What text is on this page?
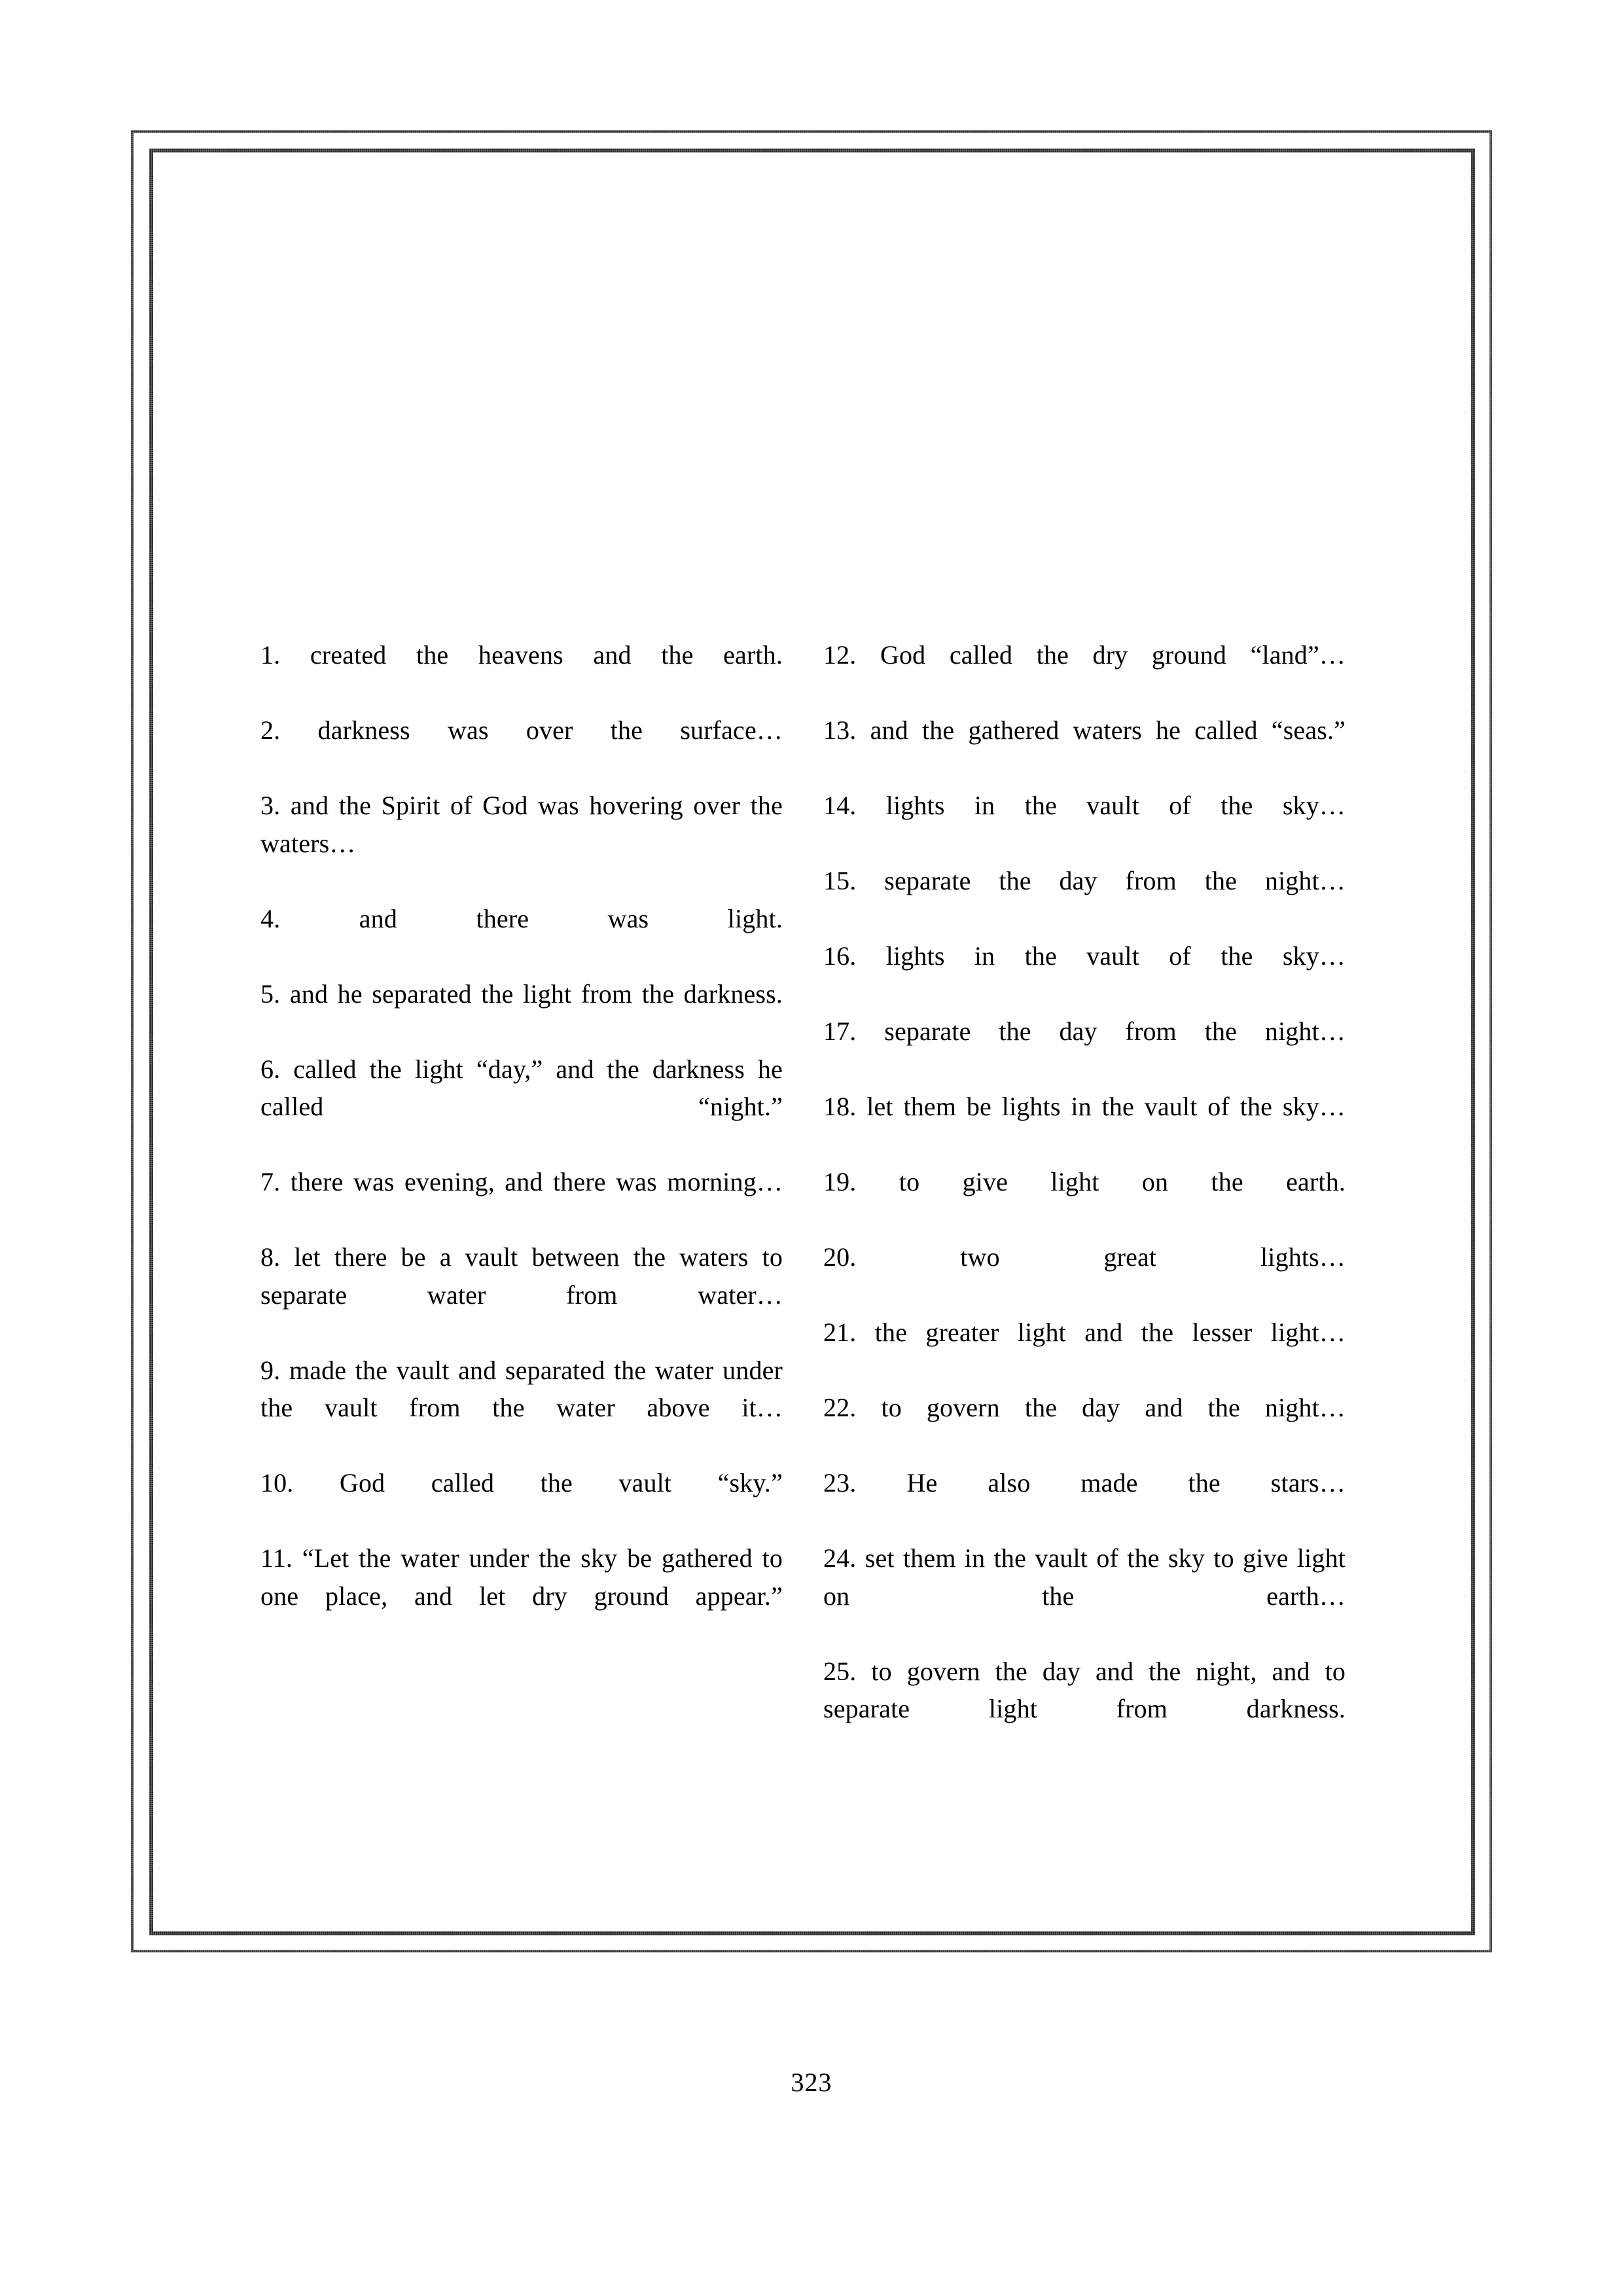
1. created the heavens and the earth.

2. darkness was over the surface…

3. and the Spirit of God was hovering over the waters…

4. and there was light.

5. and he separated the light from the darkness.

6. called the light “day,” and the darkness he called “night.”

7. there was evening, and there was morning…

8. let there be a vault between the waters to separate water from water…

9. made the vault and separated the water under the vault from the water above it…

10. God called the vault “sky.”

11. “Let the water under the sky be gathered to one place, and let dry ground appear.”

12. God called the dry ground “land”…

13. and the gathered waters he called “seas.”

14. lights in the vault of the sky…

15. separate the day from the night…

16. lights in the vault of the sky…

17. separate the day from the night…

18. let them be lights in the vault of the sky…

19. to give light on the earth.

20. two great lights…

21. the greater light and the lesser light…

22. to govern the day and the night…

23. He also made the stars…

24. set them in the vault of the sky to give light on the earth…

25. to govern the day and the night, and to separate light from darkness.

323
